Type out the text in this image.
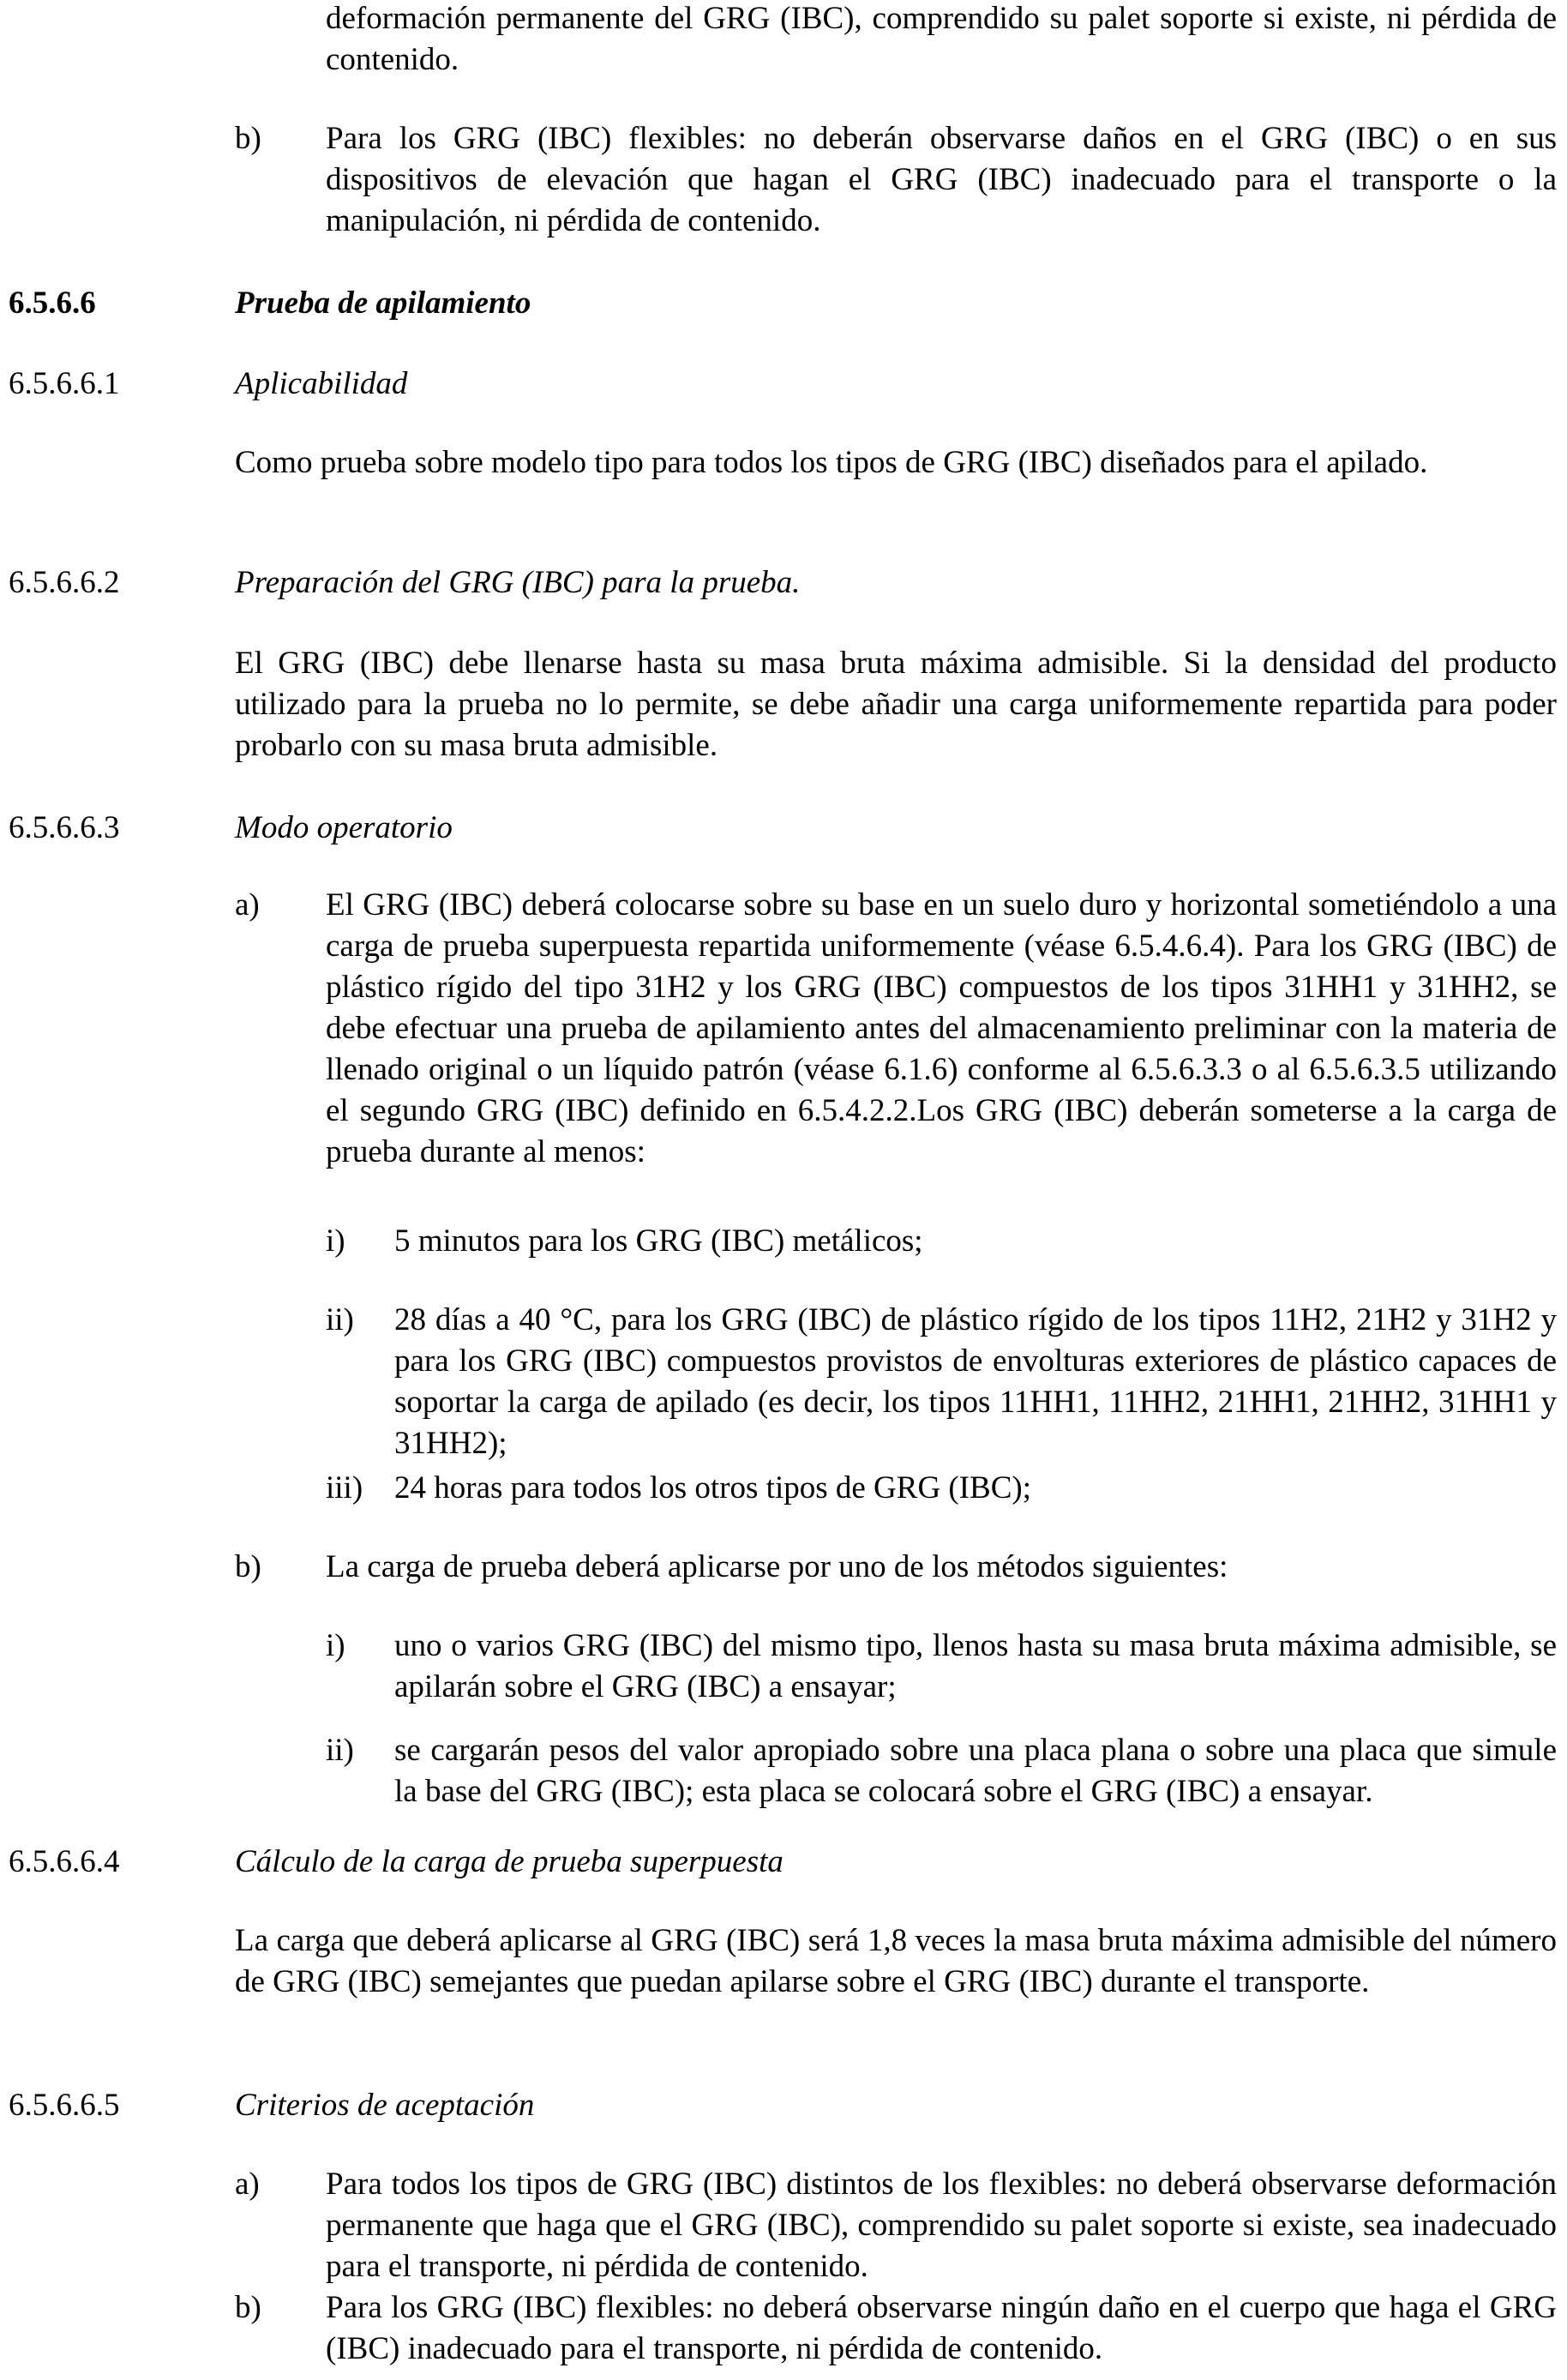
deformación permanente del GRG (IBC), comprendido su palet soporte si existe, ni pérdida de contenido.
b) Para los GRG (IBC) flexibles: no deberán observarse daños en el GRG (IBC) o en sus dispositivos de elevación que hagan el GRG (IBC) inadecuado para el transporte o la manipulación, ni pérdida de contenido.
6.5.6.6	Prueba de apilamiento
6.5.6.6.1	Aplicabilidad
Como prueba sobre modelo tipo para todos los tipos de GRG (IBC) diseñados para el apilado.
6.5.6.6.2	Preparación del GRG (IBC) para la prueba.
El GRG (IBC) debe llenarse hasta su masa bruta máxima admisible. Si la densidad del producto utilizado para la prueba no lo permite, se debe añadir una carga uniformemente repartida para poder probarlo con su masa bruta admisible.
6.5.6.6.3	Modo operatorio
a) El GRG (IBC) deberá colocarse sobre su base en un suelo duro y horizontal sometiéndolo a una carga de prueba superpuesta repartida uniformemente (véase 6.5.4.6.4). Para los GRG (IBC) de plástico rígido del tipo 31H2 y los GRG (IBC) compuestos de los tipos 31HH1 y 31HH2, se debe efectuar una prueba de apilamiento antes del almacenamiento preliminar con la materia de llenado original o un líquido patrón (véase 6.1.6) conforme al 6.5.6.3.3 o al 6.5.6.3.5 utilizando el segundo GRG (IBC) definido en 6.5.4.2.2.Los GRG (IBC) deberán someterse a la carga de prueba durante al menos:
i) 5 minutos para los GRG (IBC) metálicos;
ii) 28 días a 40 °C, para los GRG (IBC) de plástico rígido de los tipos 11H2, 21H2 y 31H2 y para los GRG (IBC) compuestos provistos de envolturas exteriores de plástico capaces de soportar la carga de apilado (es decir, los tipos 11HH1, 11HH2, 21HH1, 21HH2, 31HH1 y 31HH2);
iii) 24 horas para todos los otros tipos de GRG (IBC);
b) La carga de prueba deberá aplicarse por uno de los métodos siguientes:
i) uno o varios GRG (IBC) del mismo tipo, llenos hasta su masa bruta máxima admisible, se apilarán sobre el GRG (IBC) a ensayar;
ii) se cargarán pesos del valor apropiado sobre una placa plana o sobre una placa que simule la base del GRG (IBC); esta placa se colocará sobre el GRG (IBC) a ensayar.
6.5.6.6.4	Cálculo de la carga de prueba superpuesta
La carga que deberá aplicarse al GRG (IBC) será 1,8 veces la masa bruta máxima admisible del número de GRG (IBC) semejantes que puedan apilarse sobre el GRG (IBC) durante el transporte.
6.5.6.6.5	Criterios de aceptación
a) Para todos los tipos de GRG (IBC) distintos de los flexibles: no deberá observarse deformación permanente que haga que el GRG (IBC), comprendido su palet soporte si existe, sea inadecuado para el transporte, ni pérdida de contenido.
b) Para los GRG (IBC) flexibles: no deberá observarse ningún daño en el cuerpo que haga el GRG (IBC) inadecuado para el transporte, ni pérdida de contenido.
